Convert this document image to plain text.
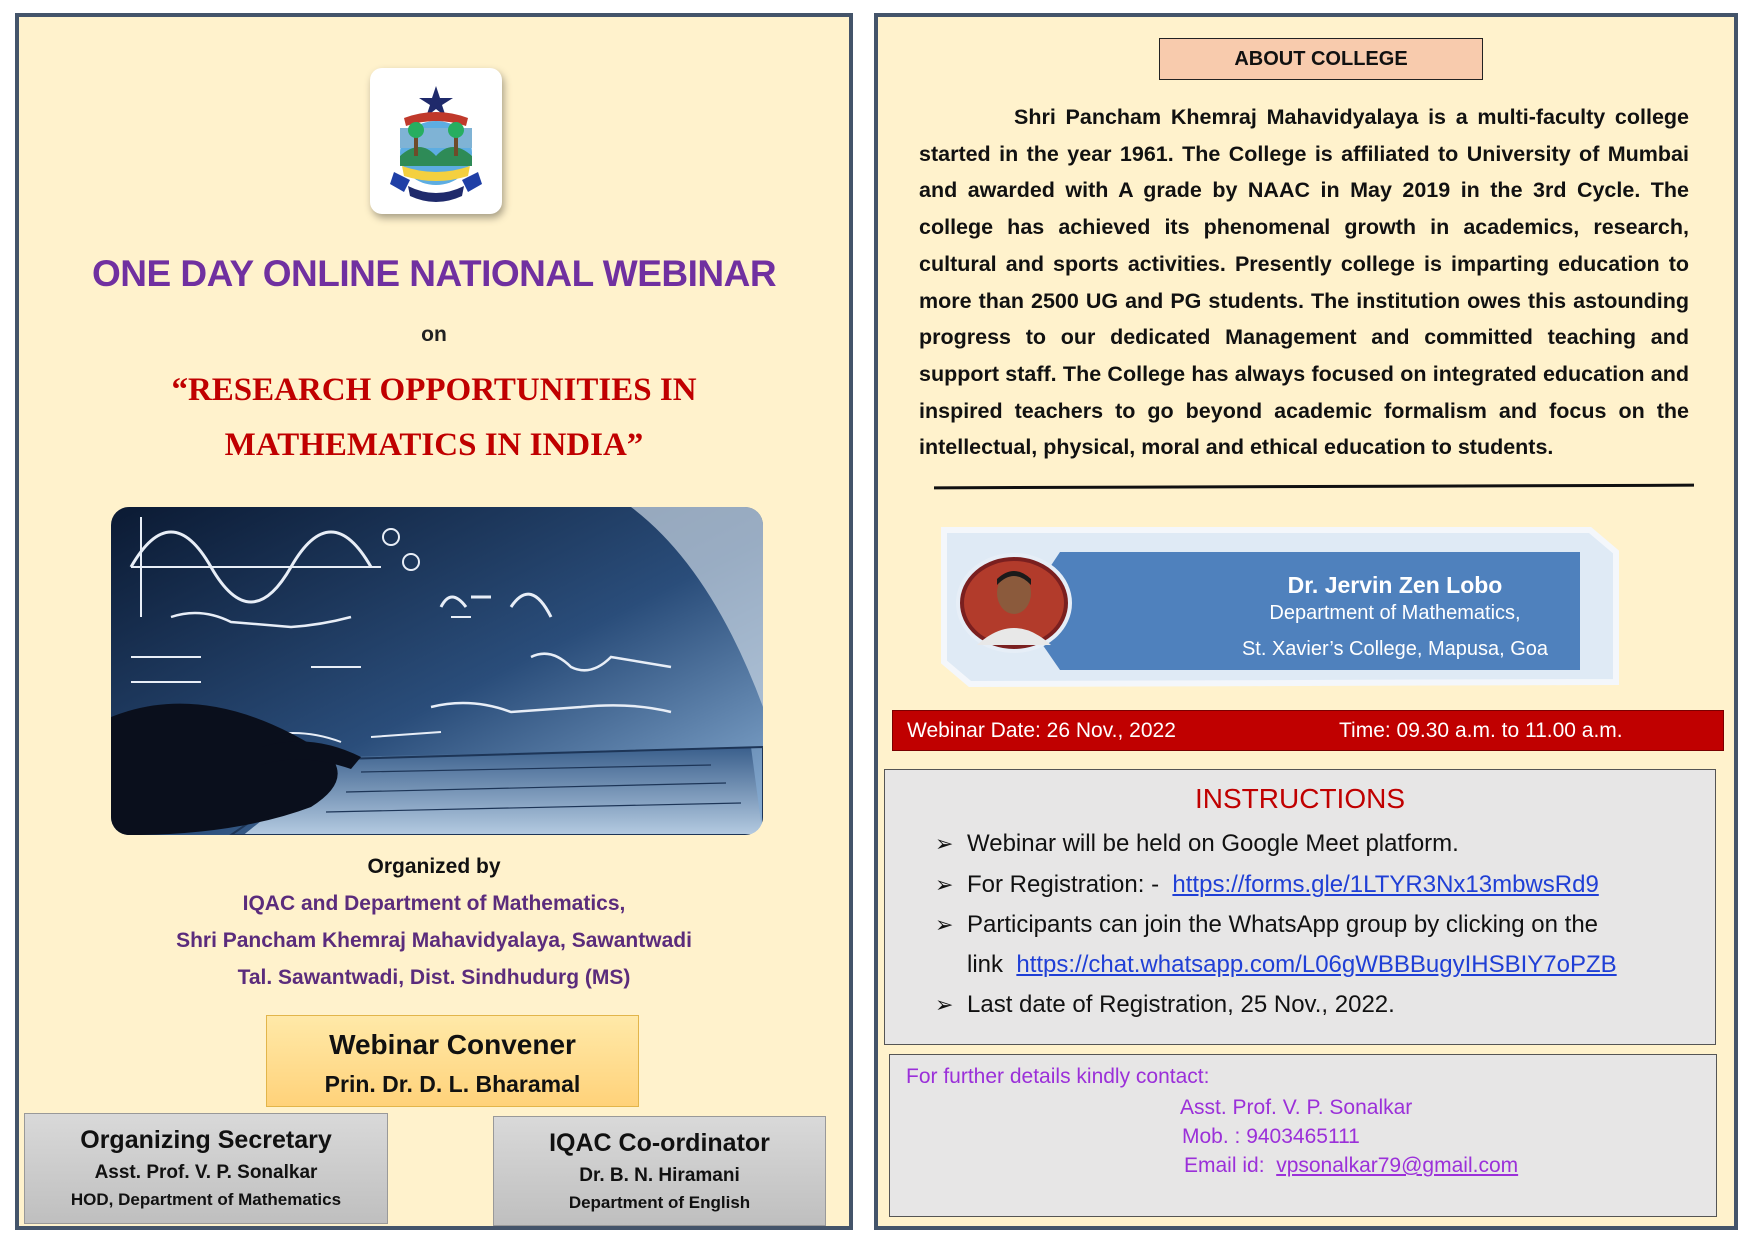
ONE DAY ONLINE NATIONAL WEBINAR
on
“RESEARCH OPPORTUNITIES IN MATHEMATICS IN INDIA”
Organized by
IQAC and Department of Mathematics,
Shri Pancham Khemraj Mahavidyalaya, Sawantwadi
Tal. Sawantwadi, Dist. Sindhudurg (MS)
Webinar Convener
Prin. Dr. D. L. Bharamal
Organizing Secretary
Asst. Prof. V. P. Sonalkar
HOD, Department of Mathematics
IQAC Co-ordinator
Dr. B. N. Hiramani
Department of English
ABOUT COLLEGE
Shri Pancham Khemraj Mahavidyalaya is a multi-faculty college started in the year 1961. The College is affiliated to University of Mumbai and awarded with A grade by NAAC in May 2019 in the 3rd Cycle. The college has achieved its phenomenal growth in academics, research, cultural and sports activities. Presently college is imparting education to more than 2500 UG and PG students. The institution owes this astounding progress to our dedicated Management and committed teaching and support staff. The College has always focused on integrated education and inspired teachers to go beyond academic formalism and focus on the intellectual, physical, moral and ethical education to students.
Dr. Jervin Zen Lobo
Department of Mathematics,
St. Xavier’s College, Mapusa, Goa
Webinar Date: 26 Nov., 2022	Time: 09.30 a.m. to 11.00 a.m.
INSTRUCTIONS
➢ Webinar will be held on Google Meet platform.
➢ For Registration: - https://forms.gle/1LTYR3Nx13mbwsRd9
➢ Participants can join the WhatsApp group by clicking on the
link https://chat.whatsapp.com/L06gWBBBugyIHSBIY7oPZB
➢ Last date of Registration, 25 Nov., 2022.
For further details kindly contact:
Asst. Prof. V. P. Sonalkar
Mob. : 9403465111
Email id: vpsonalkar79@gmail.com
